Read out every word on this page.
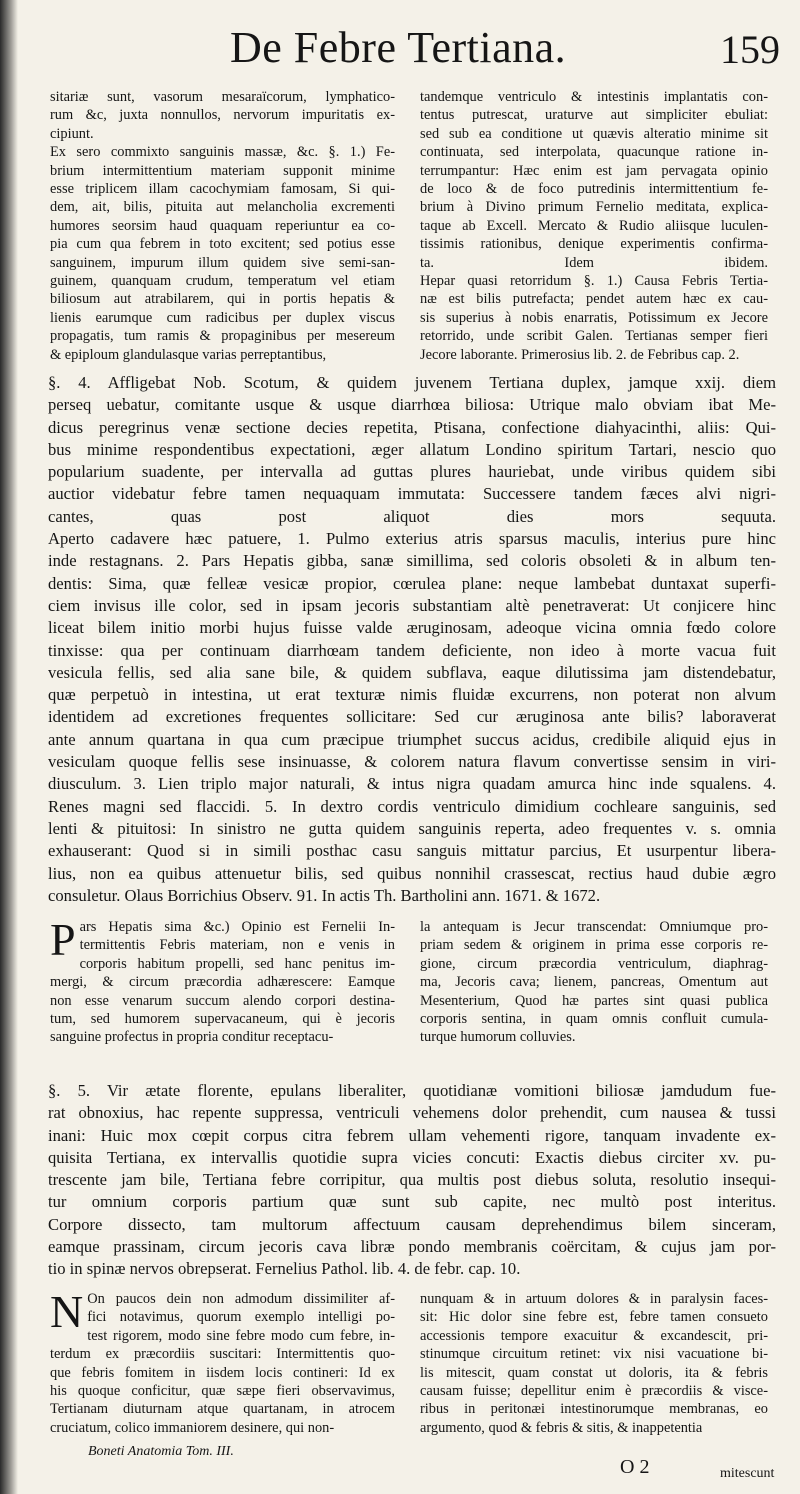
De Febre Tertiana.	159
sitariæ sunt, vasorum mesaraïcorum, lymphatico-
rum &c, juxta nonnullos, nervorum impuritatis ex-
cipiunt.
Ex sero commixto sanguinis massæ, &c. §. 1.) Fe-
brium intermittentium materiam supponit minime
esse triplicem illam cacochymiam famosam, Si qui-
dem, ait, bilis, pituita aut melancholia excrementi
humores seorsim haud quaquam reperiuntur ea co-
pia cum qua febrem in toto excitent; sed potius esse
sanguinem, impurum illum quidem sive semi-san-
guinem, quanquam crudum, temperatum vel etiam
biliosum aut atrabilarem, qui in portis hepatis &
lienis earumque cum radicibus per duplex viscus
propagatis, tum ramis & propaginibus per mesereum
& epiploum glandulasque varias perreptantibus,
tandemque ventriculo & intestinis implantatis con-
tentus putrescat, uraturve aut simpliciter ebuliat:
sed sub ea conditione ut quævis alteratio minime sit
continuata, sed interpolata, quacunque ratione in-
terrumpantur: Hæc enim est jam pervagata opinio
de loco & de foco putredinis intermittentium fe-
brium à Divino primum Fernelio meditata, explica-
taque ab Excell. Mercato & Rudio aliisque luculen-
tissimis rationibus, denique experimentis confirma-
ta. Idem ibidem.
Hepar quasi retorridum §. 1.) Causa Febris Tertia-
næ est bilis putrefacta; pendet autem hæc ex cau-
sis superius à nobis enarratis, Potissimum ex Jecore
retorrido, unde scribit Galen. Tertianas semper fieri
Jecore laborante. Primerosius lib. 2. de Febribus cap. 2.
§. 4. Affligebat Nob. Scotum, & quidem juvenem Tertiana duplex, jamque xxij. diem
perseq uebatur, comitante usque & usque diarrhœa biliosa: Utrique malo obviam ibat Me-
dicus peregrinus venæ sectione decies repetita, Ptisana, confectione diahyacinthi, aliis: Qui-
bus minime respondentibus expectationi, æger allatum Londino spiritum Tartari, nescio quo
popularium suadente, per intervalla ad guttas plures hauriebat, unde viribus quidem sibi
auctior videbatur febre tamen nequaquam immutata: Successere tandem fæces alvi nigri-
cantes, quas post aliquot dies mors sequuta.
Aperto cadavere hæc patuere, 1. Pulmo exterius atris sparsus maculis, interius pure hinc
inde restagnans. 2. Pars Hepatis gibba, sanæ simillima, sed coloris obsoleti & in album ten-
dentis: Sima, quæ felleæ vesicæ propior, cœrulea plane: neque lambebat duntaxat superfi-
ciem invisus ille color, sed in ipsam jecoris substantiam altè penetraverat: Ut conjicere hinc
liceat bilem initio morbi hujus fuisse valde æruginosam, adeoque vicina omnia fœdo colore
tinxisse: qua per continuam diarrhœam tandem deficiente, non ideo à morte vacua fuit
vesicula fellis, sed alia sane bile, & quidem subflava, eaque dilutissima jam distendebatur,
quæ perpetuò in intestina, ut erat texturæ nimis fluidæ excurrens, non poterat non alvum
identidem ad excretiones frequentes sollicitare: Sed cur æruginosa ante bilis? laboraverat
ante annum quartana in qua cum præcipue triumphet succus acidus, credibile aliquid ejus in
vesiculam quoque fellis sese insinuasse, & colorem natura flavum convertisse sensim in viri-
diusculum. 3. Lien triplo major naturali, & intus nigra quadam amurca hinc inde squalens. 4.
Renes magni sed flaccidi. 5. In dextro cordis ventriculo dimidium cochleare sanguinis, sed
lenti & pituitosi: In sinistro ne gutta quidem sanguinis reperta, adeo frequentes v. s. omnia
exhauserant: Quod si in simili posthac casu sanguis mittatur parcius, Et usurpentur libera-
lius, non ea quibus attenuetur bilis, sed quibus nonnihil crassescat, rectius haud dubie ægro
consuletur. Olaus Borrichius Observ. 91. In actis Th. Bartholini ann. 1671. & 1672.
P ars Hepatis sima &c.) Opinio est Fernelii In-
termittentis Febris materiam, non e venis in
corporis habitum propelli, sed hanc penitus im-
mergi, & circum præcordia adhærescere: Eamque
non esse venarum succum alendo corpori destina-
tum, sed humorem supervacaneum, qui è jecoris
sanguine profectus in propria conditur receptacu-
la antequam is Jecur transcendat: Omniumque pro-
priam sedem & originem in prima esse corporis re-
gione, circum præcordia ventriculum, diaphrag-
ma, Jecoris cava; lienem, pancreas, Omentum aut
Mesenterium, Quod hæ partes sint quasi publica
corporis sentina, in quam omnis confluit cumula-
turque humorum colluvies.
§. 5. Vir ætate florente, epulans liberaliter, quotidianæ vomitioni biliosæ jamdudum fue-
rat obnoxius, hac repente suppressa, ventriculi vehemens dolor prehendit, cum nausea & tussi
inani: Huic mox cœpit corpus citra febrem ullam vehementi rigore, tanquam invadente ex-
quisita Tertiana, ex intervallis quotidie supra vicies concuti: Exactis diebus circiter xv. pu-
trescente jam bile, Tertiana febre corripitur, qua multis post diebus soluta, resolutio insequi-
tur omnium corporis partium quæ sunt sub capite, nec multò post interitus.
Corpore dissecto, tam multorum affectuum causam deprehendimus bilem sinceram,
eamque prassinam, circum jecoris cava libræ pondo membranis coërcitam, & cujus jam por-
tio in spinæ nervos obrepserat. Fernelius Pathol. lib. 4. de febr. cap. 10.
N On paucos dein non admodum dissimiliter af-
fici notavimus, quorum exemplo intelligi po-
test rigorem, modo sine febre modo cum febre, in-
terdum ex præcordiis suscitari: Intermittentis quo-
que febris fomitem in iisdem locis contineri: Id ex
his quoque conficitur, quæ sæpe fieri observavimus,
Tertianam diuturnam atque quartanam, in atrocem
cruciatum, colico immaniorem desinere, qui non-
nunquam & in artuum dolores & in paralysin faces-
sit: Hic dolor sine febre est, febre tamen consueto
accessionis tempore exacuitur & excandescit, pri-
stinumque circuitum retinet: vix nisi vacuatione bi-
lis mitescit, quam constat ut doloris, ita & febris
causam fuisse; depellitur enim è præcordiis & visce-
ribus in peritonæi intestinorumque membranas, eo
argumento, quod & febris & sitis, & inappetentia
Boneti Anatomia Tom. III.
O 2	mitescunt
